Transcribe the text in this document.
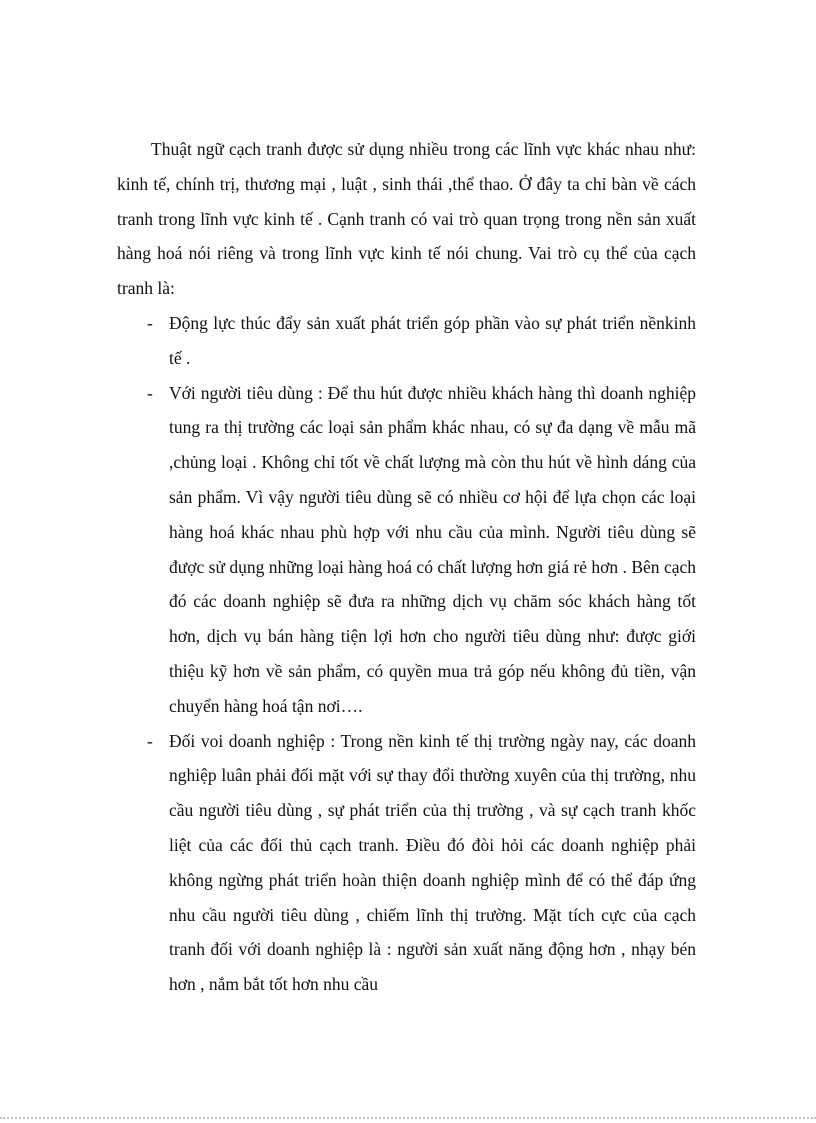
Thuật ngữ cạch tranh được sử dụng nhiều trong các lĩnh vực khác nhau như: kinh tế, chính trị, thương mại , luật , sinh thái ,thể thao. Ở đây ta chỉ bàn về cách tranh trong lĩnh vực kinh tế . Cạnh tranh có vai trò quan trọng trong nền sản xuất hàng hoá nói riêng và trong lĩnh vực kinh tế nói chung. Vai trò cụ thể của cạch tranh là:

- Động lực thúc đẩy sản xuất phát triển góp phần vào sự phát triển nềnkinh tế .
- Với người tiêu dùng : Để thu hút được nhiều khách hàng thì doanh nghiệp tung ra thị trường các loại sản phẩm khác nhau, có sự đa dạng về mẫu mã ,chủng loại . Không chỉ tốt về chất lượng mà còn thu hút về hình dáng của sản phẩm. Vì vậy người tiêu dùng sẽ có nhiều cơ hội để lựa chọn các loại hàng hoá khác nhau phù hợp với nhu cầu của mình. Người tiêu dùng sẽ được sử dụng những loại hàng hoá có chất lượng hơn giá rẻ hơn . Bên cạch đó các doanh nghiệp sẽ đưa ra những dịch vụ chăm sóc khách hàng tốt hơn, dịch vụ bán hàng tiện lợi hơn cho người tiêu dùng như: được giới thiệu kỹ hơn về sản phẩm, có quyền mua trả góp nếu không đủ tiền, vận chuyển hàng hoá tận nơi….
- Đối voi doanh nghiệp : Trong nền kinh tế thị trường ngày nay, các doanh nghiệp luân phải đối mặt với sự thay đổi thường xuyên của thị trường, nhu cầu người tiêu dùng , sự phát triển của thị trường , và sự cạch tranh khốc liệt của các đối thủ cạch tranh. Điều đó đòi hỏi các doanh nghiệp phải không ngừng phát triển hoàn thiện doanh nghiệp mình để có thể đáp ứng nhu cầu người tiêu dùng , chiếm lĩnh thị trường. Mặt tích cực của cạch tranh đối với doanh nghiệp là : người sản xuất năng động hơn , nhạy bén hơn , nắm bắt tốt hơn nhu cầu
